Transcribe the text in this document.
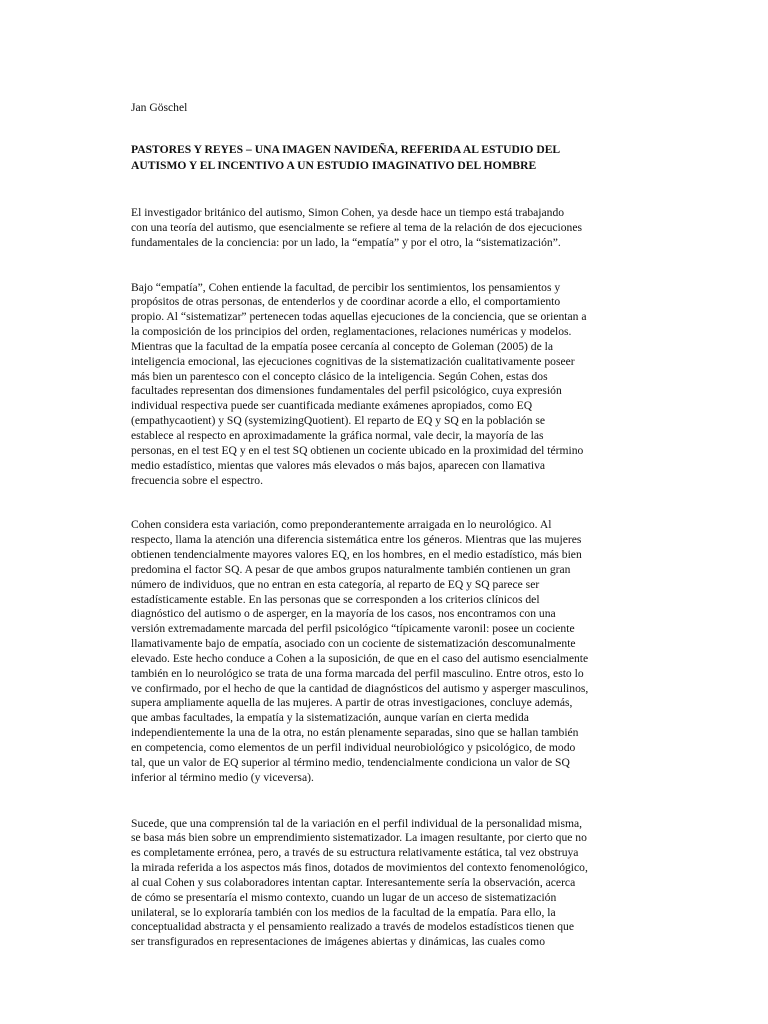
Jan Göschel
PASTORES Y REYES – UNA IMAGEN NAVIDEÑA, REFERIDA AL ESTUDIO DEL
AUTISMO Y EL INCENTIVO A UN ESTUDIO IMAGINATIVO DEL HOMBRE

El investigador británico del autismo, Simon Cohen, ya desde hace un tiempo está trabajando
con una teoría del autismo, que esencialmente se refiere al tema de la relación de dos ejecuciones
fundamentales de la conciencia: por un lado, la “empatía” y por el otro, la “sistematización”.

Bajo “empatía”, Cohen entiende la facultad, de percibir los sentimientos, los pensamientos y
propósitos de otras personas, de entenderlos y de coordinar acorde a ello, el comportamiento
propio. Al “sistematizar” pertenecen todas aquellas ejecuciones de la conciencia, que se orientan a
la composición de los principios del orden, reglamentaciones, relaciones numéricas y modelos.
Mientras que la facultad de la empatía posee cercanía al concepto de Goleman (2005) de la
inteligencia emocional, las ejecuciones cognitivas de la sistematización cualitativamente poseer
más bien un parentesco con el concepto clásico de la inteligencia. Según Cohen, estas dos
facultades representan dos dimensiones fundamentales del perfil psicológico, cuya expresión
individual respectiva puede ser cuantificada mediante exámenes apropiados, como EQ
(empathycaotient) y SQ (systemizingQuotient). El reparto de EQ y SQ en la población se
establece al respecto en aproximadamente la gráfica normal, vale decir, la mayoría de las
personas, en el test EQ y en el test SQ obtienen un cociente ubicado en la proximidad del término
medio estadístico, mientas que valores más elevados o más bajos, aparecen con llamativa
frecuencia sobre el espectro.

Cohen considera esta variación, como preponderantemente arraigada en lo neurológico. Al
respecto, llama la atención una diferencia sistemática entre los géneros. Mientras que las mujeres
obtienen tendencialmente mayores valores EQ, en los hombres, en el medio estadístico, más bien
predomina el factor SQ. A pesar de que ambos grupos naturalmente también contienen un gran
número de individuos, que no entran en esta categoría, al reparto de EQ y SQ parece ser
estadísticamente estable. En las personas que se corresponden a los criterios clínicos del
diagnóstico del autismo o de asperger, en la mayoría de los casos, nos encontramos con una
versión extremadamente marcada del perfil psicológico “típicamente varonil: posee un cociente
llamativamente bajo de empatía, asociado con un cociente de sistematización descomunalmente
elevado. Este hecho conduce a Cohen a la suposición, de que en el caso del autismo esencialmente
también en lo neurológico se trata de una forma marcada del perfil masculino. Entre otros, esto lo
ve confirmado, por el hecho de que la cantidad de diagnósticos del autismo y asperger masculinos,
supera ampliamente aquella de las mujeres. A partir de otras investigaciones, concluye además,
que ambas facultades, la empatía y la sistematización, aunque varían en cierta medida
independientemente la una de la otra, no están plenamente separadas, sino que se hallan también
en competencia, como elementos de un perfil individual neurobiológico y psicológico, de modo
tal, que un valor de EQ superior al término medio, tendencialmente condiciona un valor de SQ
inferior al término medio (y viceversa).

Sucede, que una comprensión tal de la variación en el perfil individual de la personalidad misma,
se basa más bien sobre un emprendimiento sistematizador. La imagen resultante, por cierto que no
es completamente errónea, pero, a través de su estructura relativamente estática, tal vez obstruya
la mirada referida a los aspectos más finos, dotados de movimientos del contexto fenomenológico,
al cual Cohen y sus colaboradores intentan captar. Interesantemente sería la observación, acerca
de cómo se presentaría el mismo contexto, cuando un lugar de un acceso de sistematización
unilateral, se lo exploraría también con los medios de la facultad de la empatía. Para ello, la
conceptualidad abstracta y el pensamiento realizado a través de modelos estadísticos tienen que
ser transfigurados en representaciones de imágenes abiertas y dinámicas, las cuales como
